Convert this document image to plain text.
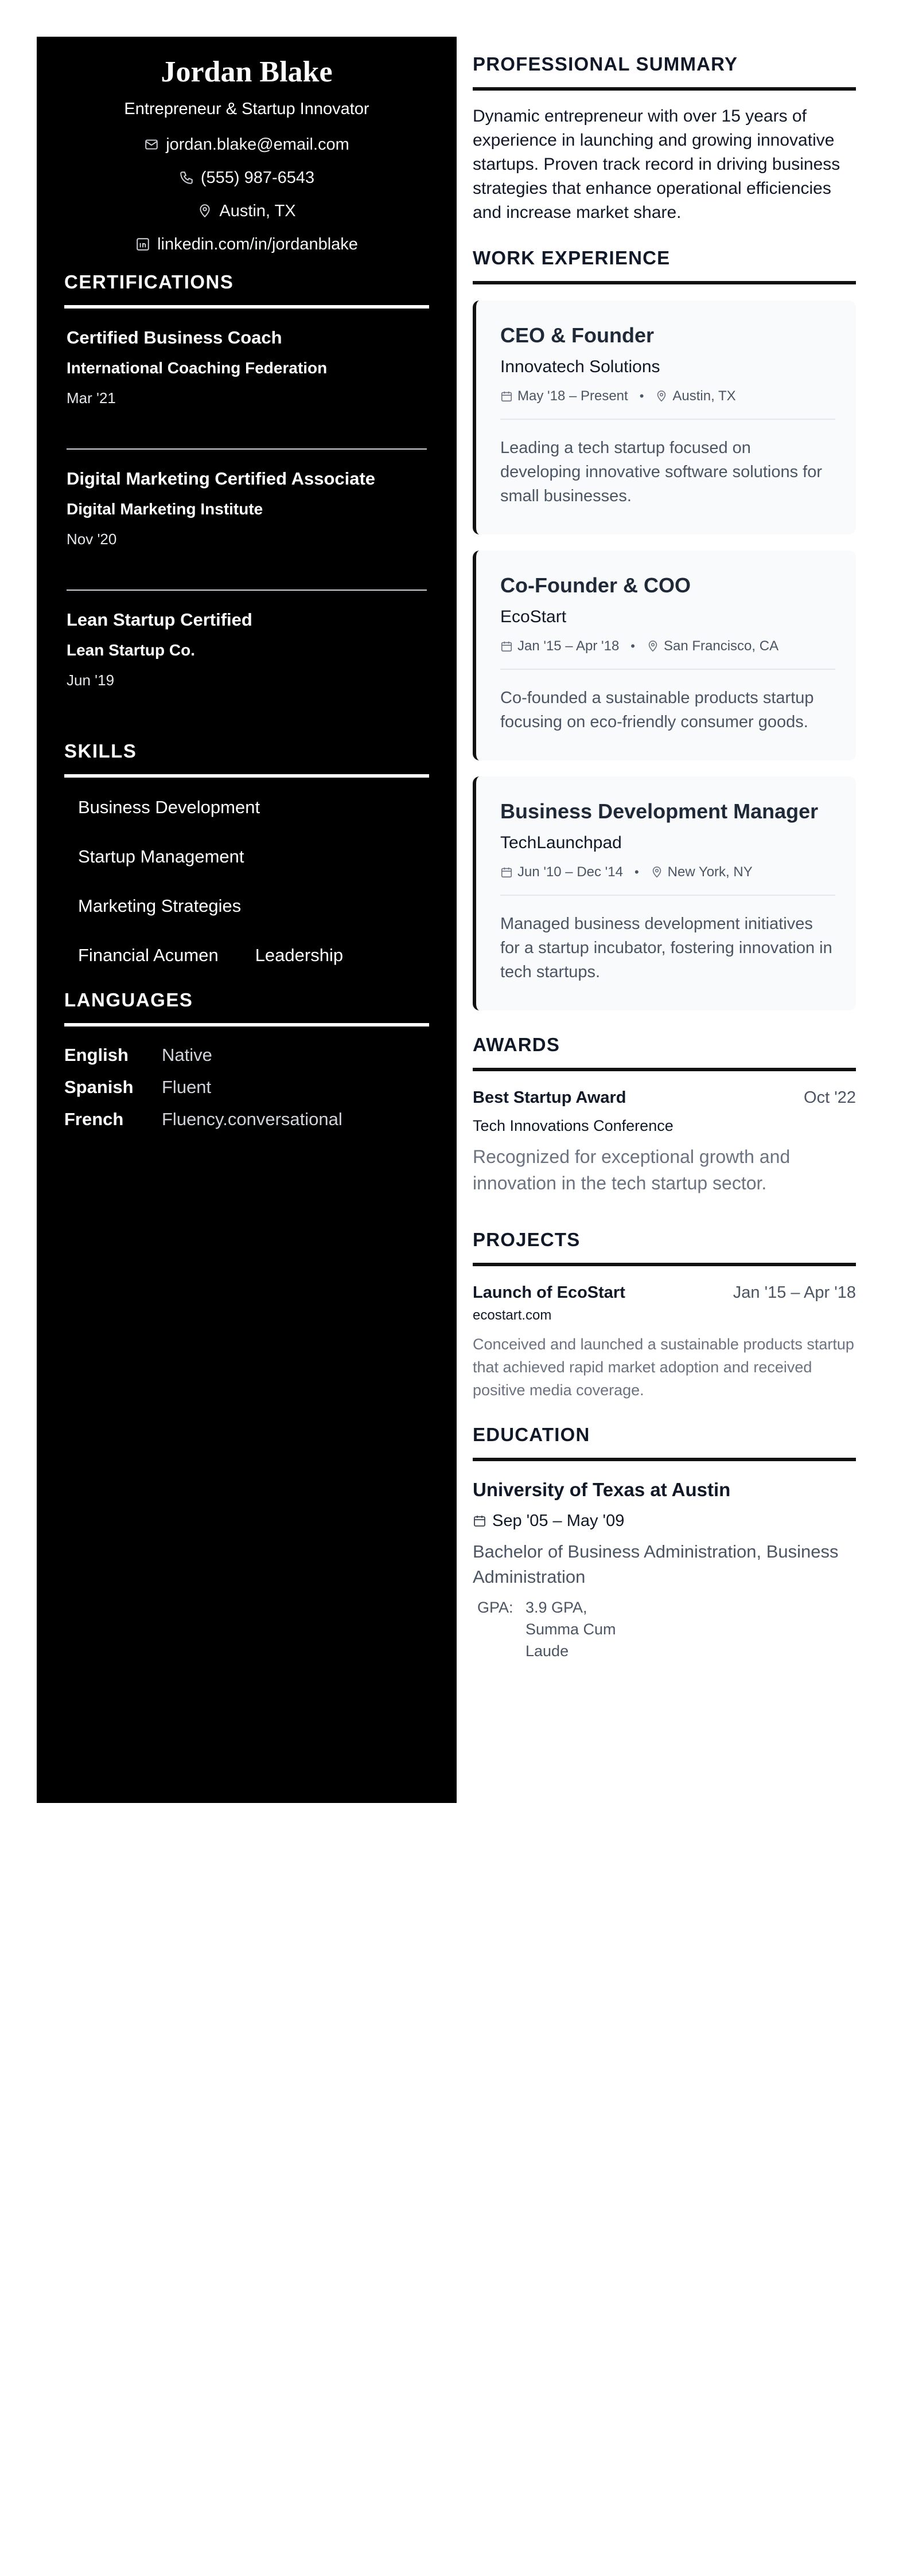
Jordan Blake
Entrepreneur & Startup Innovator
jordan.blake@email.com
(555) 987-6543
Austin, TX
linkedin.com/in/jordanblake
CERTIFICATIONS
Certified Business Coach
International Coaching Federation
Mar '21
Digital Marketing Certified Associate
Digital Marketing Institute
Nov '20
Lean Startup Certified
Lean Startup Co.
Jun '19
SKILLS
Business Development
Startup Management
Marketing Strategies
Financial Acumen Leadership
LANGUAGES
English	Native
Spanish	Fluent
French	Fluency.conversational
PROFESSIONAL SUMMARY

Dynamic entrepreneur with over 15 years of experience in launching and growing innovative startups. Proven track record in driving business strategies that enhance operational efficiencies and increase market share.

WORK EXPERIENCE
CEO & Founder
Innovatech Solutions
May '18 – Present • Austin, TX
Leading a tech startup focused on developing innovative software solutions for small businesses.
Co-Founder & COO
EcoStart
Jan '15 – Apr '18 • San Francisco, CA
Co-founded a sustainable products startup focusing on eco-friendly consumer goods.
Business Development Manager
TechLaunchpad
Jun '10 – Dec '14 • New York, NY
Managed business development initiatives for a startup incubator, fostering innovation in tech startups.
AWARDS
Best Startup Award	Oct '22
Tech Innovations Conference
Recognized for exceptional growth and innovation in the tech startup sector.
PROJECTS
Launch of EcoStart	Jan '15 – Apr '18
ecostart.com
Conceived and launched a sustainable products startup that achieved rapid market adoption and received positive media coverage.
EDUCATION
University of Texas at Austin
Sep '05 – May '09
Bachelor of Business Administration, Business Administration
GPA: 3.9 GPA, Summa Cum Laude
